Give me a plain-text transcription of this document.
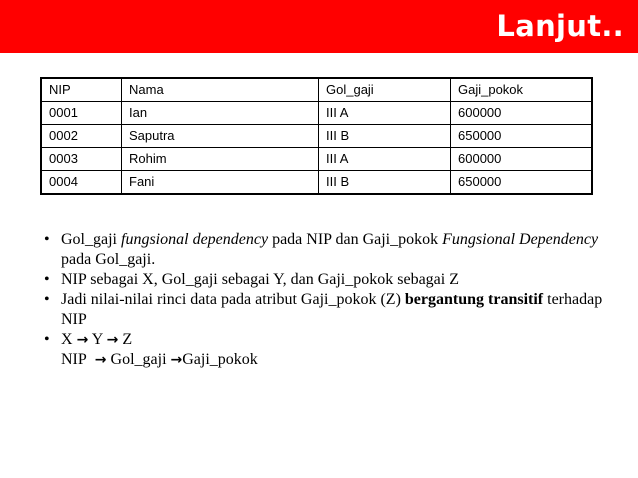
Lanjut..
NIP	Nama	Gol_gaji	Gaji_pokok
0001	Ian	III A	600000
0002	Saputra	III B	650000
0003	Rohim	III A	600000
0004	Fani	III B	650000
• Gol_gaji fungsional dependency pada NIP dan Gaji_pokok Fungsional Dependency pada Gol_gaji.
• NIP sebagai X, Gol_gaji sebagai Y, dan Gaji_pokok sebagai Z
• Jadi nilai-nilai rinci data pada atribut Gaji_pokok (Z) bergantung transitif terhadap NIP
• X → Y → Z
NIP → Gol_gaji →Gaji_pokok
